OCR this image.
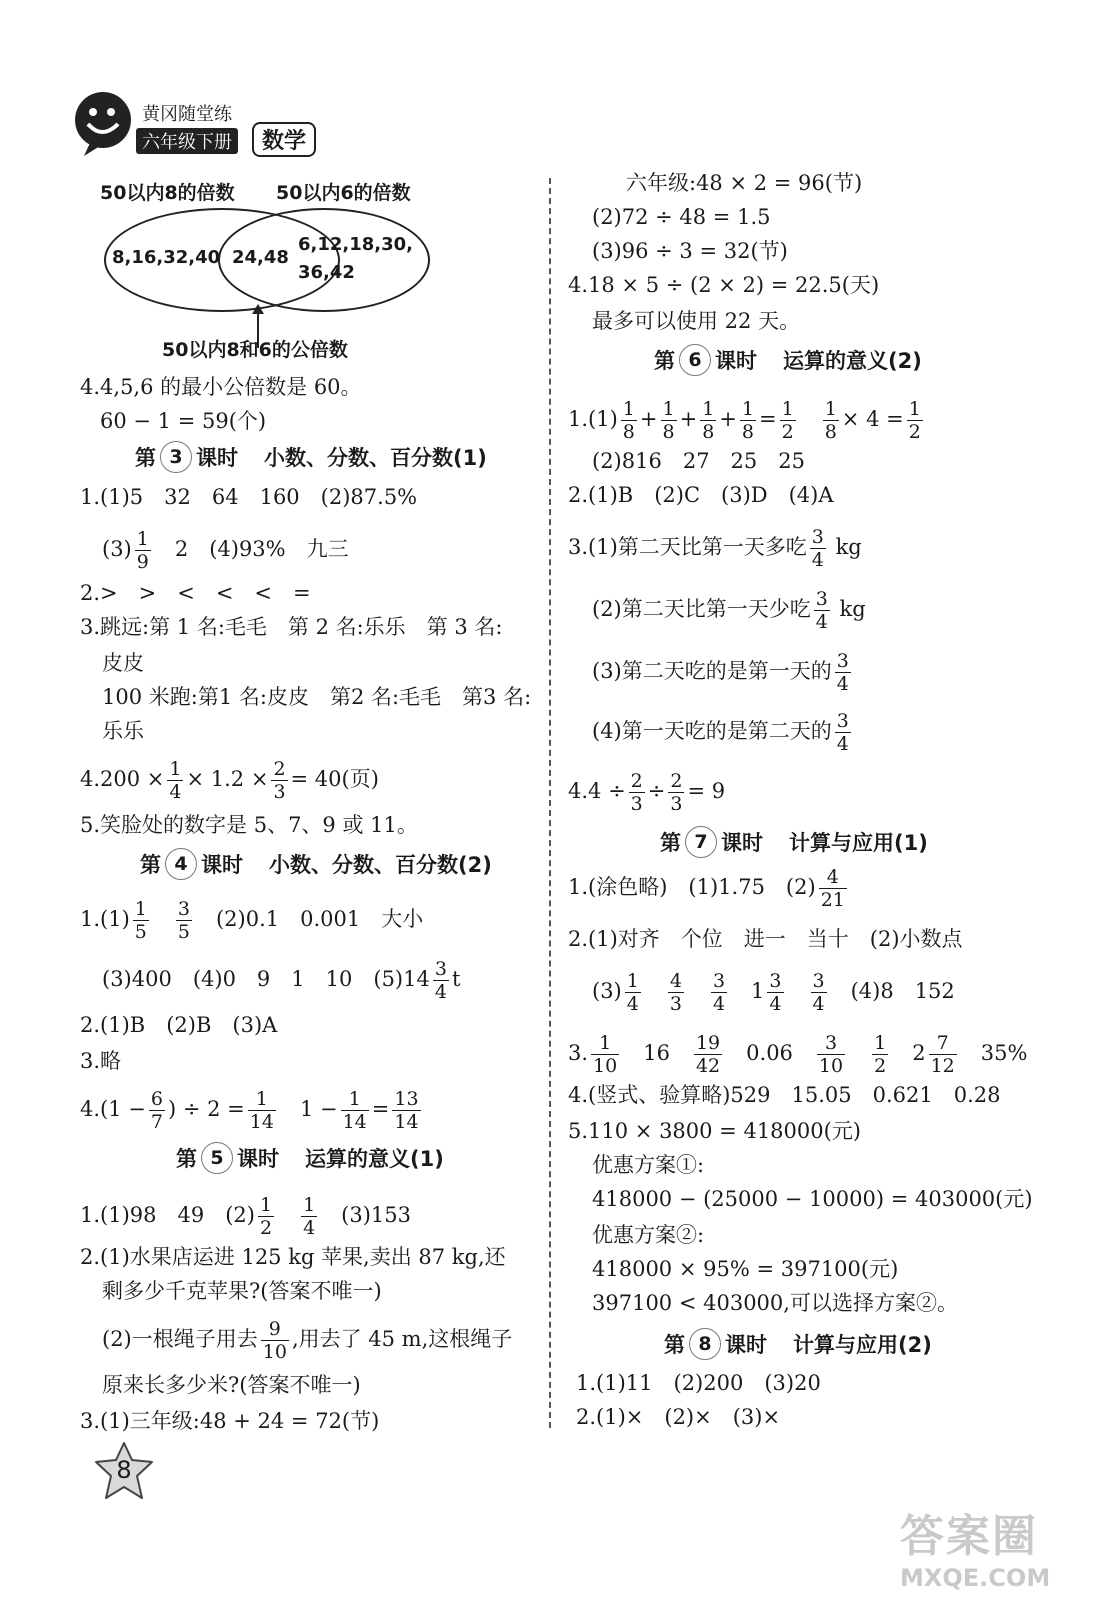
黄冈随堂练
六年级下册	数学
50以内8的倍数 50以内6的倍数
8,16,32,40 24,48
6,12,18,30,
36,42
50以内8和6的公倍数
4.4,5,6 的最小公倍数是 60。
60 − 1 = 59(个)
第 3 课时 小数、分数、百分数(1)
1.(1)5　32　64　160　(2)87.5%
$(3) \frac{1}{9}$
　 2　(4)93%　九三
2.>　>　<　<　<　=
3.跳远:第 1 名:毛毛　第 2 名:乐乐　第 3 名:
皮皮
100 米跑:第1 名:皮皮　第2 名:毛毛　第3 名:
乐乐
$4.200 \times \frac{1}{4} \times 1.2 \times \frac{2}{3} = 40$(页)
5.笑脸处的数字是 5、7、9 或 11。
第 4 课时 小数、分数、百分数(2)
$1.(1) \frac{1}{5}$
　 $\frac{3}{5}$
　 (2)0.1　0.001　大小
(3)400　(4)0　9　1　10　$(5)14 \frac{3}{4}$ t
2.(1)B　(2)B　(3)A
3.略
$4.(1 - \frac{6}{7}$ ) ÷ $2 = \frac{1}{14}$
　 $1 - \frac{1}{14} = \frac{13}{14}$
第 5 课时 运算的意义(1)
1.(1)98　49　$(2) \frac{1}{2}$
　 $\frac{1}{4}$
　 (3)153
2.(1)水果店运进 125 kg 苹果,卖出 87 kg,还
剩多少千克苹果?(答案不唯一)
(2)一根绳子用去 $\frac{9}{10}$ ,用去了 45 m,这根绳子
原来长多少米?(答案不唯一)
3.(1)三年级:48 + 24 = 72(节)
六年级:48 × 2 = 96(节)
(2)72 ÷ 48 = 1.5
(3)96 ÷ 3 = 32(节)
4.18 × 5 ÷ (2 × 2) = 22.5(天)
最多可以使用 22 天。
第 6 课时 运算的意义(2)
$1.(1) \frac{1}{8} + \frac{1}{8} + \frac{1}{8} + \frac{1}{8} = \frac{1}{2}$
　 $\frac{1}{8} \times 4 = \frac{1}{2}$
(2)816　27　25　25
2.(1)B　(2)C　(3)D　(4)A
3.(1)第二天比第一天多吃 $\frac{3}{4}$ kg
(2)第二天比第一天少吃 $\frac{3}{4}$ kg
(3)第二天吃的是第一天的 $\frac{3}{4}$
(4)第一天吃的是第二天的 $\frac{3}{4}$
$4.4 \div \frac{2}{3} \div \frac{2}{3} = 9$
第 7 课时 计算与应用(1)
1.(涂色略)　(1)1.75　$(2) \frac{4}{21}$
2.(1)对齐　个位　进一　当十　(2)小数点
$(3) \frac{1}{4}$
　 $\frac{4}{3}$
　 $\frac{3}{4}$
　 $1 \frac{3}{4}$
　 $\frac{3}{4}$
　 (4)8　152
3. $\frac{1}{10}$
　 16　 $\frac{19}{42}$
　 0.06　 $\frac{3}{10}$
　 $\frac{1}{2}$
　 $2 \frac{7}{12}$
　 35%
4.(竖式、验算略)529　15.05　0.621　0.28
5.110 × 3800 = 418000(元)
优惠方案①:
418000 − (25000 − 10000) = 403000(元)
优惠方案②:
418000 × 95% = 397100(元)
397100 < 403000,可以选择方案②。
第 8 课时 计算与应用(2)
1.(1)11　(2)200　(3)20
2.(1)×　(2)×　(3)×
8
答案圈
MXQE.COM
